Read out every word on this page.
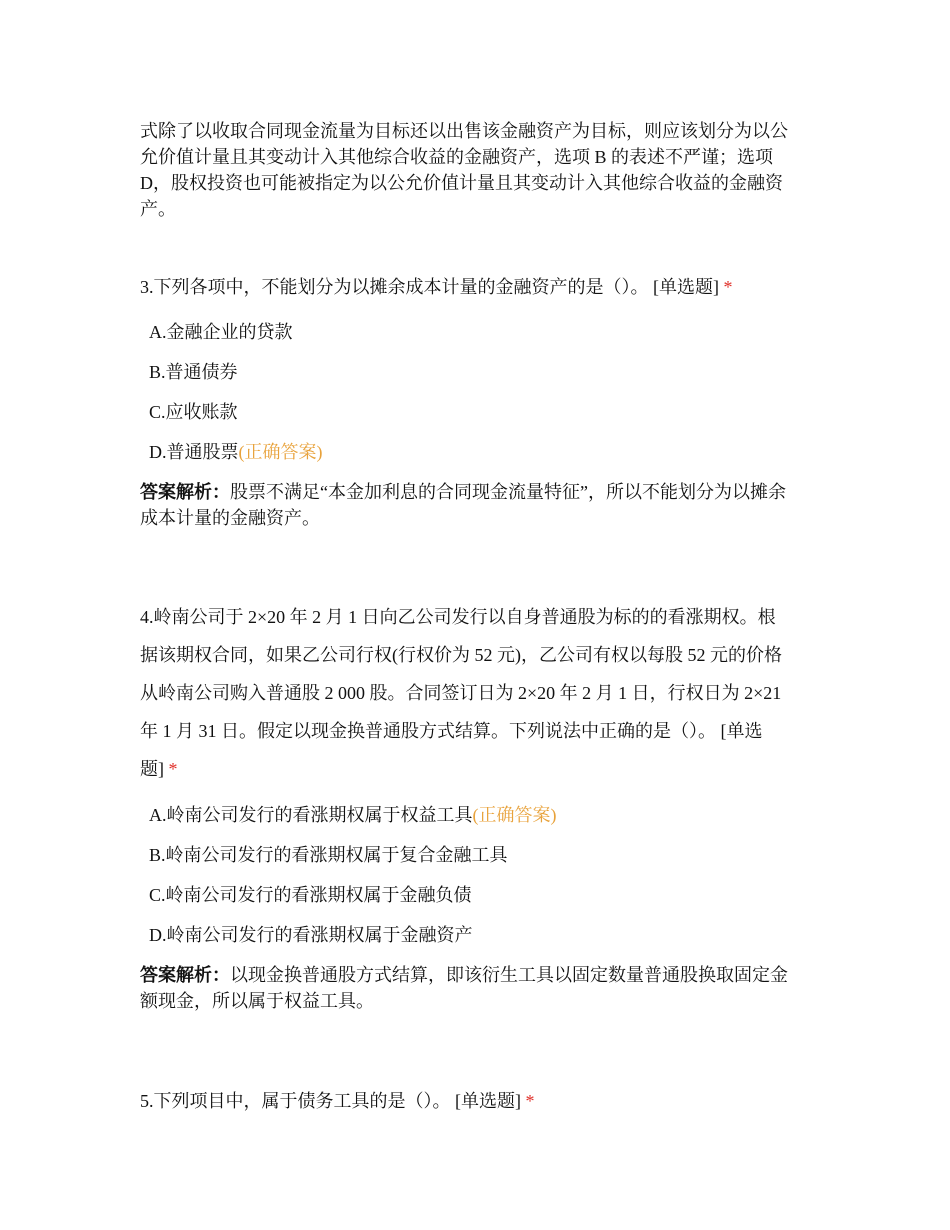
式除了以收取合同现金流量为目标还以出售该金融资产为目标，则应该划分为以公
允价值计量且其变动计入其他综合收益的金融资产，选项 B 的表述不严谨；选项
D，股权投资也可能被指定为以公允价值计量且其变动计入其他综合收益的金融资
产。
3.下列各项中，不能划分为以摊余成本计量的金融资产的是（）。 [单选题] *
A.金融企业的贷款
B.普通债券
C.应收账款
D.普通股票(正确答案)
答案解析：股票不满足“本金加利息的合同现金流量特征”，所以不能划分为以摊余
成本计量的金融资产。
4.岭南公司于 2×20 年 2 月 1 日向乙公司发行以自身普通股为标的的看涨期权。根
据该期权合同，如果乙公司行权(行权价为 52 元)，乙公司有权以每股 52 元的价格
从岭南公司购入普通股 2 000 股。合同签订日为 2×20 年 2 月 1 日，行权日为 2×21
年 1 月 31 日。假定以现金换普通股方式结算。下列说法中正确的是（）。 [单选
题] *
A.岭南公司发行的看涨期权属于权益工具(正确答案)
B.岭南公司发行的看涨期权属于复合金融工具
C.岭南公司发行的看涨期权属于金融负债
D.岭南公司发行的看涨期权属于金融资产
答案解析：以现金换普通股方式结算，即该衍生工具以固定数量普通股换取固定金
额现金，所以属于权益工具。
5.下列项目中，属于债务工具的是（）。 [单选题] *
